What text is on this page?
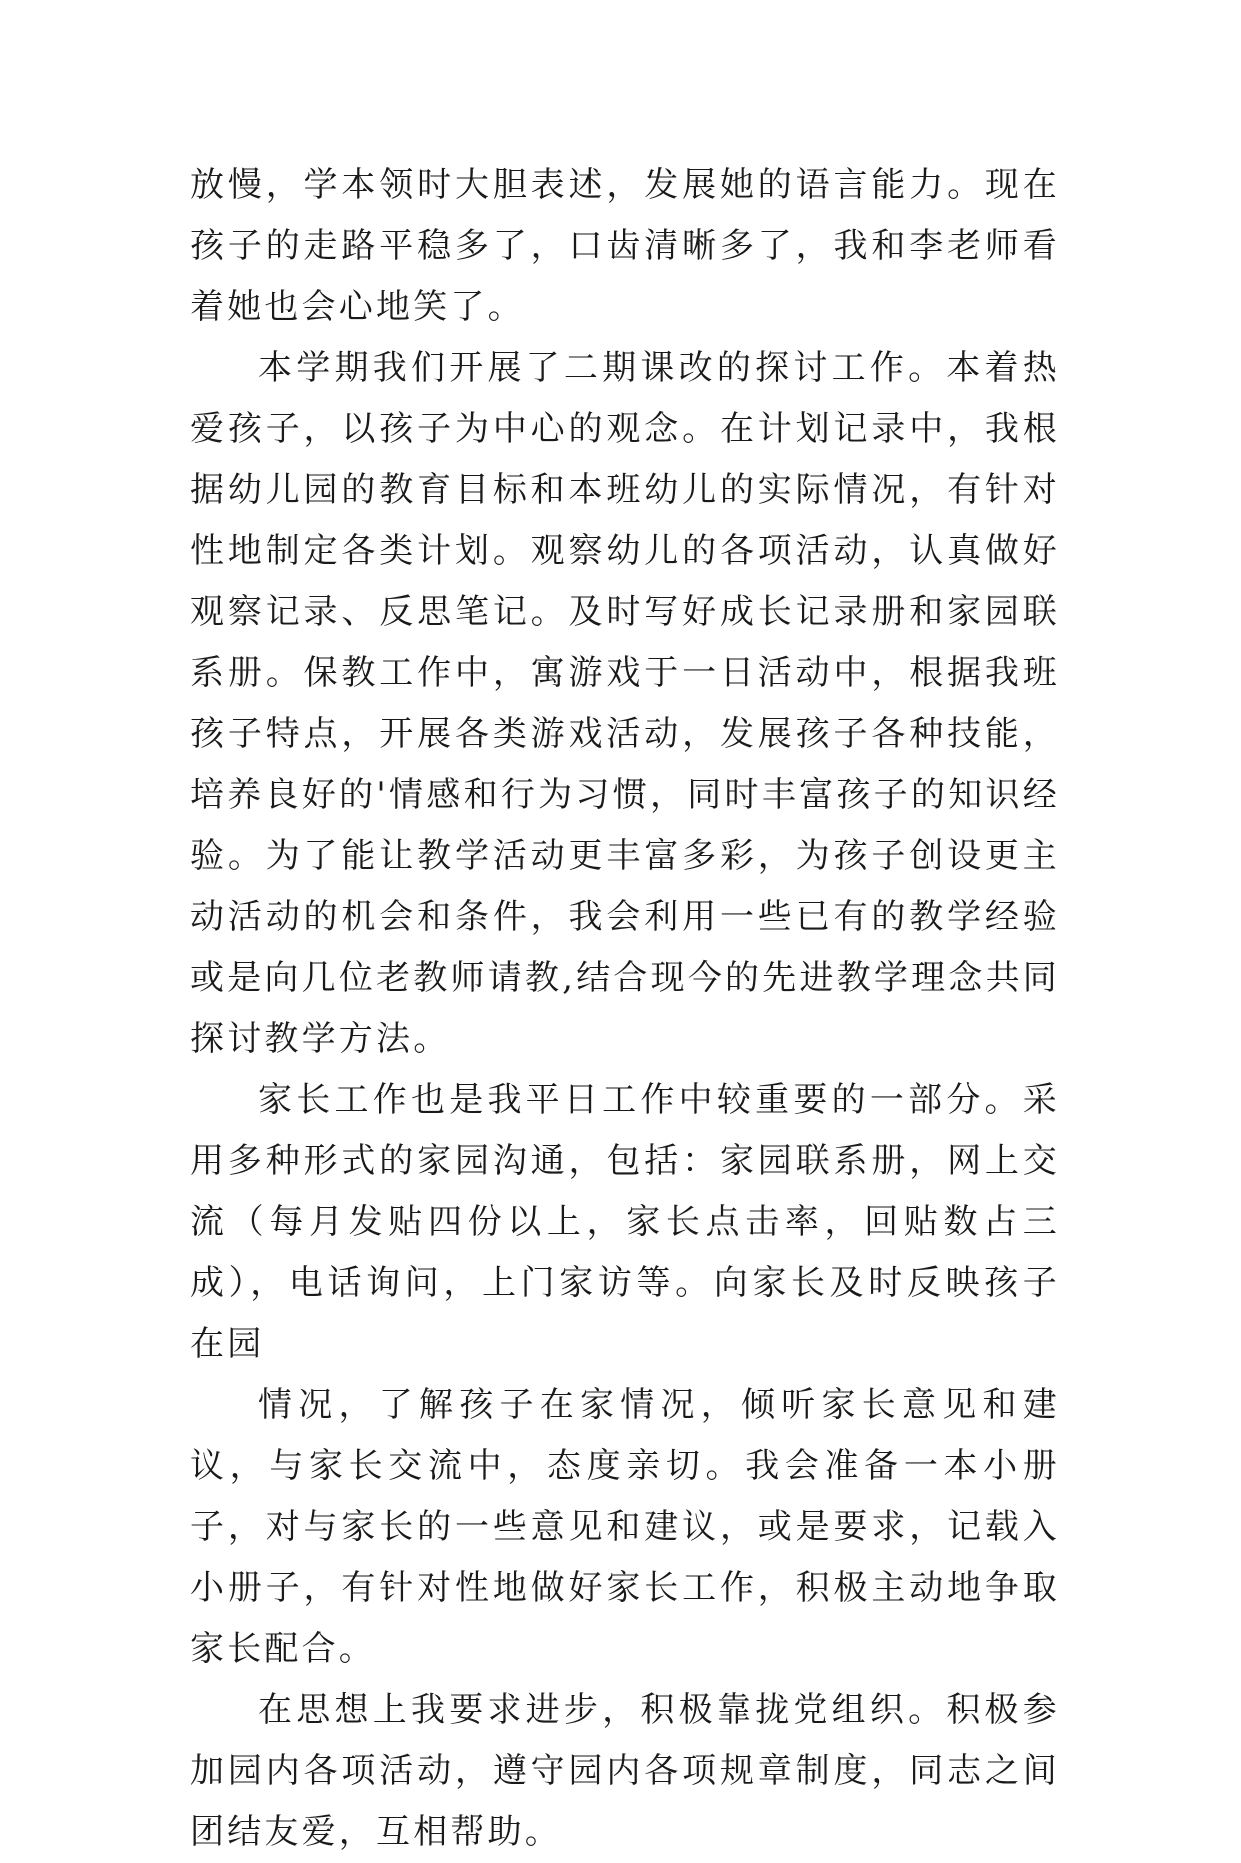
放慢，学本领时大胆表述，发展她的语言能力。现在孩子的走路平稳多了，口齿清晰多了，我和李老师看着她也会心地笑了。

本学期我们开展了二期课改的探讨工作。本着热爱孩子，以孩子为中心的观念。在计划记录中，我根据幼儿园的教育目标和本班幼儿的实际情况，有针对性地制定各类计划。观察幼儿的各项活动，认真做好观察记录、反思笔记。及时写好成长记录册和家园联系册。保教工作中，寓游戏于一日活动中，根据我班孩子特点，开展各类游戏活动，发展孩子各种技能，培养良好的'情感和行为习惯，同时丰富孩子的知识经验。为了能让教学活动更丰富多彩，为孩子创设更主动活动的机会和条件，我会利用一些已有的教学经验或是向几位老教师请教,结合现今的先进教学理念共同探讨教学方法。

家长工作也是我平日工作中较重要的一部分。采用多种形式的家园沟通，包括：家园联系册，网上交流（每月发贴四份以上，家长点击率，回贴数占三成），电话询问，上门家访等。向家长及时反映孩子在园

情况，了解孩子在家情况，倾听家长意见和建议，与家长交流中，态度亲切。我会准备一本小册子，对与家长的一些意见和建议，或是要求，记载入小册子，有针对性地做好家长工作，积极主动地争取家长配合。

在思想上我要求进步，积极靠拢党组织。积极参加园内各项活动，遵守园内各项规章制度，同志之间团结友爱，互相帮助。
